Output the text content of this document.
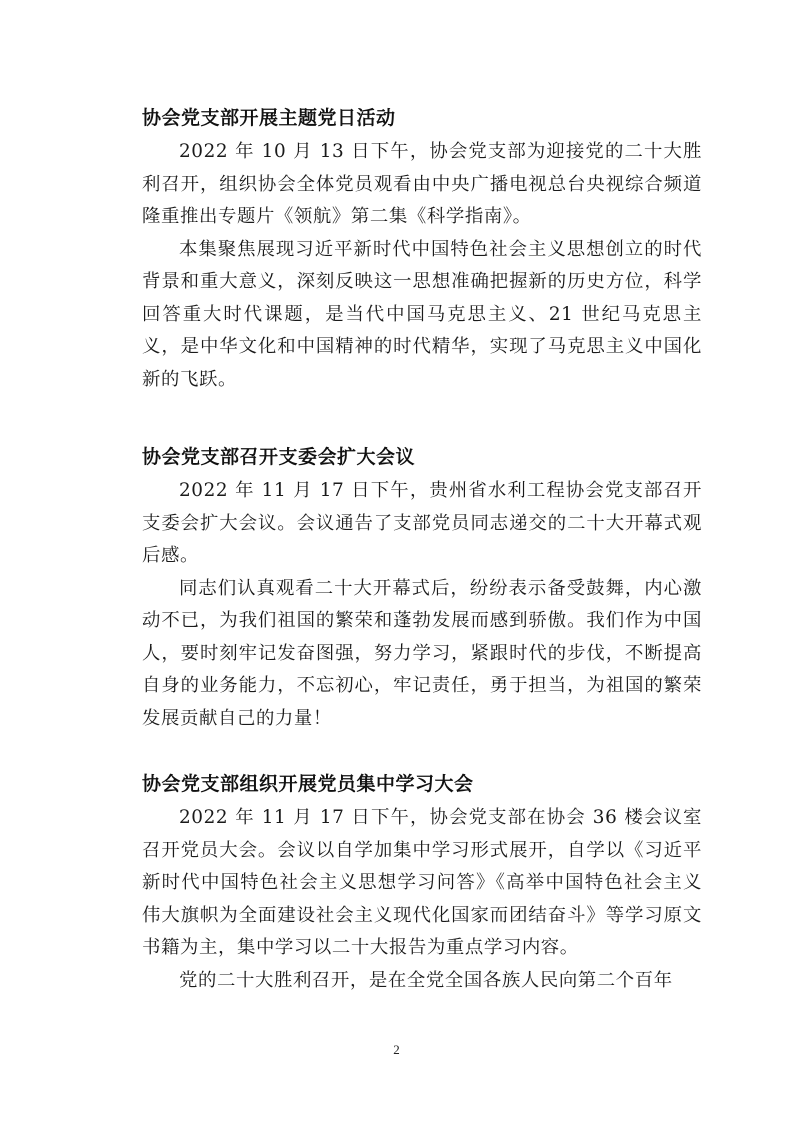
协会党支部开展主题党日活动
2022 年 10 月 13 日下午，协会党支部为迎接党的二十大胜利召开，组织协会全体党员观看由中央广播电视总台央视综合频道隆重推出专题片《领航》第二集《科学指南》。
本集聚焦展现习近平新时代中国特色社会主义思想创立的时代背景和重大意义，深刻反映这一思想准确把握新的历史方位，科学回答重大时代课题，是当代中国马克思主义、21 世纪马克思主义，是中华文化和中国精神的时代精华，实现了马克思主义中国化新的飞跃。
协会党支部召开支委会扩大会议
2022 年 11 月 17 日下午，贵州省水利工程协会党支部召开支委会扩大会议。会议通告了支部党员同志递交的二十大开幕式观后感。
同志们认真观看二十大开幕式后，纷纷表示备受鼓舞，内心激动不已，为我们祖国的繁荣和蓬勃发展而感到骄傲。我们作为中国人，要时刻牢记发奋图强，努力学习，紧跟时代的步伐，不断提高自身的业务能力，不忘初心，牢记责任，勇于担当，为祖国的繁荣发展贡献自己的力量！
协会党支部组织开展党员集中学习大会
2022 年 11 月 17 日下午，协会党支部在协会 36 楼会议室召开党员大会。会议以自学加集中学习形式展开，自学以《习近平新时代中国特色社会主义思想学习问答》《高举中国特色社会主义伟大旗帜为全面建设社会主义现代化国家而团结奋斗》等学习原文书籍为主，集中学习以二十大报告为重点学习内容。
党的二十大胜利召开，是在全党全国各族人民向第二个百年
2
